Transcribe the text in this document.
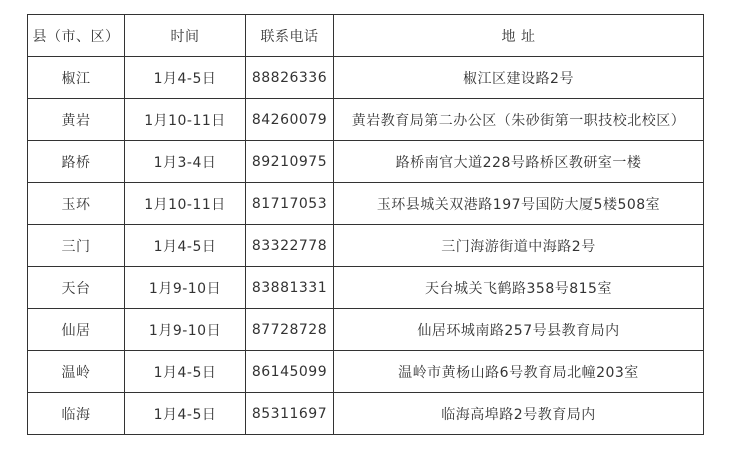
县（市、区）	时间	联系电话	地 址
椒江	1月4-5日	88826336	椒江区建设路2号
黄岩	1月10-11日	84260079	黄岩教育局第二办公区（朱砂街第一职技校北校区）
路桥	1月3-4日	89210975	路桥南官大道228号路桥区教研室一楼
玉环	1月10-11日	81717053	玉环县城关双港路197号国防大厦5楼508室
三门	1月4-5日	83322778	三门海游街道中海路2号
天台	1月9-10日	83881331	天台城关飞鹤路358号815室
仙居	1月9-10日	87728728	仙居环城南路257号县教育局内
温岭	1月4-5日	86145099	温岭市黄杨山路6号教育局北幢203室
临海	1月4-5日	85311697	临海高埠路2号教育局内
